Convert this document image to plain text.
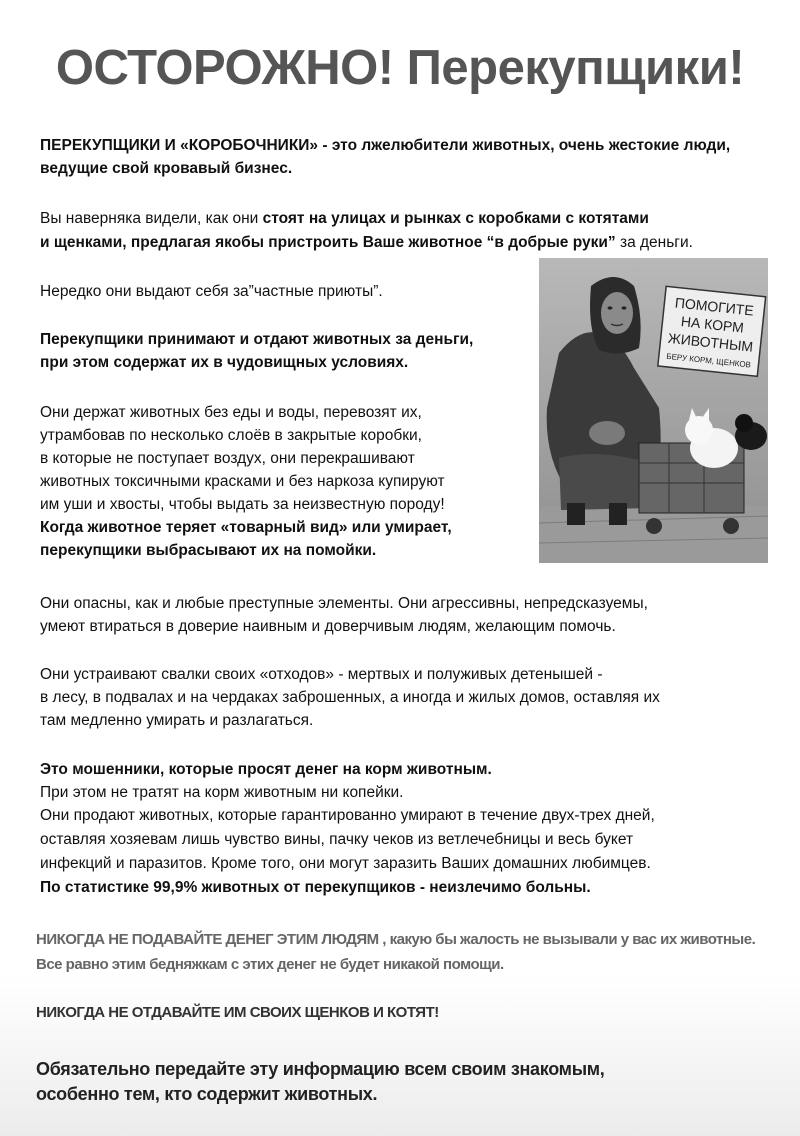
ОСТОРОЖНО! Перекупщики!
ПЕРЕКУПЩИКИ И «КОРОБОЧНИКИ» - это лжелюбители животных, очень жестокие люди,
ведущие свой кровавый бизнес.
Вы наверняка видели, как они стоят на улицах и рынках с коробками с котятами
и щенками, предлагая якобы пристроить Ваше животное “в добрые руки” за деньги.
Нередко они выдают себя за”частные приюты”.
Перекупщики принимают и отдают животных за деньги,
при этом содержат их в чудовищных условиях.
Они держат животных без еды и воды, перевозят их,
утрамбовав по несколько слоёв в закрытые коробки,
в которые не поступает воздух, они перекрашивают
животных токсичными красками и без наркоза купируют
им уши и хвосты, чтобы выдать за неизвестную породу!
Когда животное теряет «товарный вид» или умирает,
перекупщики выбрасывают их на помойки.
Они опасны, как и любые преступные элементы. Они агрессивны, непредсказуемы,
умеют втираться в доверие наивным и доверчивым людям, желающим помочь.
Они устраивают свалки своих «отходов» - мертвых и полуживых детенышей -
в лесу, в подвалах и на чердаках заброшенных, а иногда и жилых домов, оставляя их
там медленно умирать и разлагаться.
Это мошенники, которые просят денег на корм животным.
При этом не тратят на корм животным ни копейки.
Они продают животных, которые гарантированно умирают в течение двух-трех дней,
оставляя хозяевам лишь чувство вины, пачку чеков из ветлечебницы и весь букет
инфекций и паразитов. Кроме того, они могут заразить Ваших домашних любимцев.
По статистике 99,9% животных от перекупщиков - неизлечимо больны.
НИКОГДА НЕ ПОДАВАЙТЕ ДЕНЕГ ЭТИМ ЛЮДЯМ , какую бы жалость не вызывали у вас их животные.
Все равно этим бедняжкам с этих денег не будет никакой помощи.
НИКОГДА НЕ ОТДАВАЙТЕ ИМ СВОИХ ЩЕНКОВ И КОТЯТ!
Обязательно передайте эту информацию всем своим знакомым,
особенно тем, кто содержит животных.
ПОМОГИТЕ
НА КОРМ
ЖИВОТНЫМ
БЕРУ КОРМ, ЩЕНКОВ
